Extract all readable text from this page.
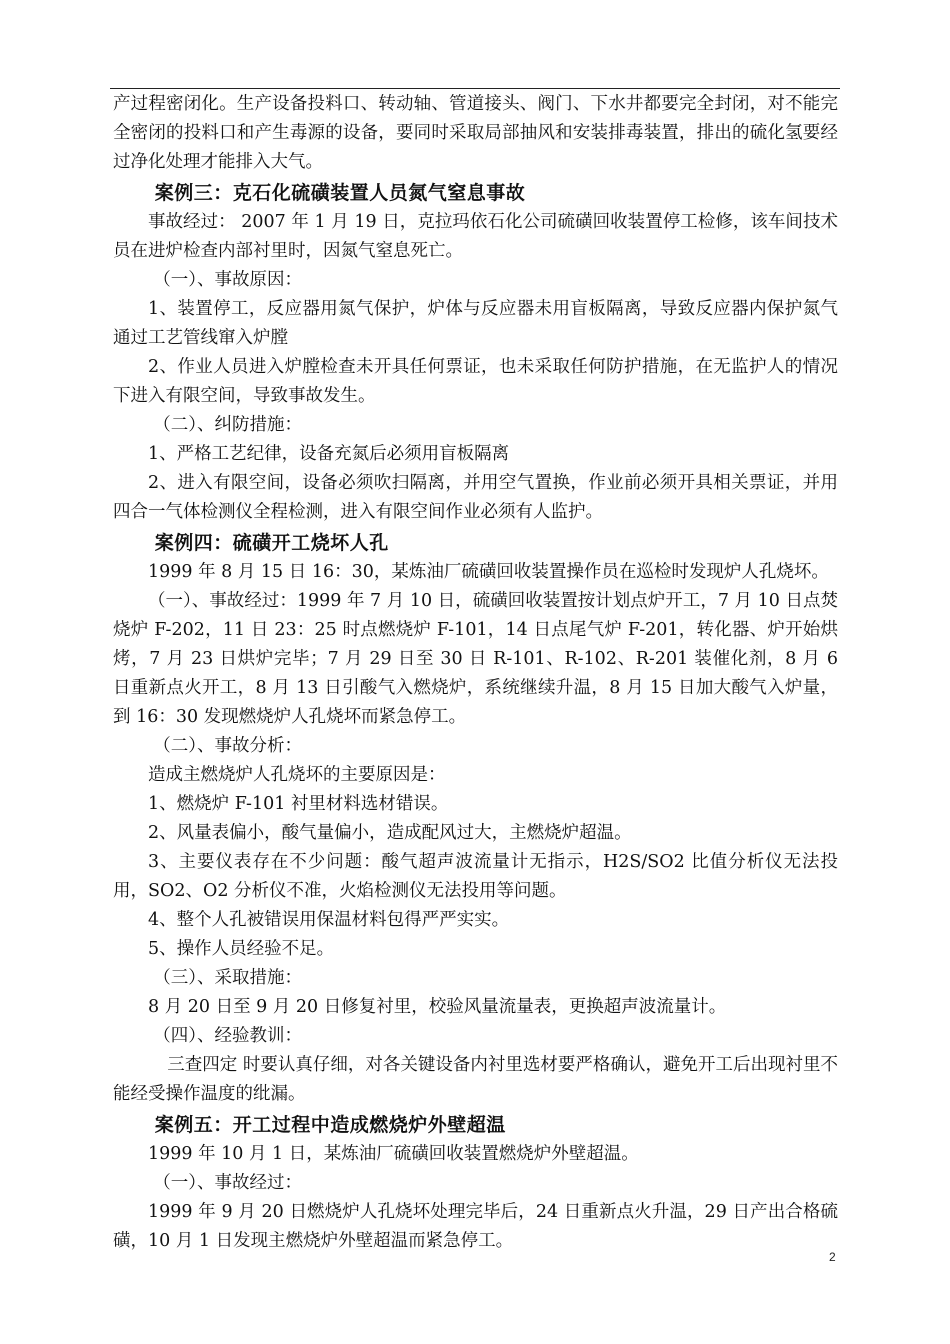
产过程密闭化。生产设备投料口、转动轴、管道接头、阀门、下水井都要完全封闭，对不能完全密闭的投料口和产生毒源的设备，要同时采取局部抽风和安装排毒装置，排出的硫化氢要经过净化处理才能排入大气。

案例三：克石化硫磺装置人员氮气窒息事故

事故经过： 2007 年 1 月 19 日，克拉玛依石化公司硫磺回收装置停工检修，该车间技术员在进炉检查内部衬里时，因氮气窒息死亡。

（一）、事故原因：

1、装置停工，反应器用氮气保护，炉体与反应器未用盲板隔离，导致反应器内保护氮气通过工艺管线窜入炉膛

2、作业人员进入炉膛检查未开具任何票证，也未采取任何防护措施，在无监护人的情况下进入有限空间，导致事故发生。

（二）、纠防措施：

1、严格工艺纪律，设备充氮后必须用盲板隔离

2、进入有限空间，设备必须吹扫隔离，并用空气置换，作业前必须开具相关票证，并用四合一气体检测仪全程检测，进入有限空间作业必须有人监护。

案例四：硫磺开工烧坏人孔

1999 年 8 月 15 日 16：30，某炼油厂硫磺回收装置操作员在巡检时发现炉人孔烧坏。

（一）、事故经过：1999 年 7 月 10 日，硫磺回收装置按计划点炉开工，7 月 10 日点焚烧炉 F-202，11 日 23：25 时点燃烧炉 F-101，14 日点尾气炉 F-201，转化器、炉开始烘烤，7 月 23 日烘炉完毕；7 月 29 日至 30 日 R-101、R-102、R-201 装催化剂，8 月 6 日重新点火开工，8 月 13 日引酸气入燃烧炉，系统继续升温，8 月 15 日加大酸气入炉量，到 16：30 发现燃烧炉人孔烧坏而紧急停工。

（二）、事故分析：

造成主燃烧炉人孔烧坏的主要原因是：

1、燃烧炉 F-101 衬里材料选材错误。

2、风量表偏小，酸气量偏小，造成配风过大，主燃烧炉超温。

3、主要仪表存在不少问题：酸气超声波流量计无指示，H2S/SO2 比值分析仪无法投用，SO2、O2 分析仪不准，火焰检测仪无法投用等问题。

4、整个人孔被错误用保温材料包得严严实实。

5、操作人员经验不足。

（三）、采取措施：

8 月 20 日至 9 月 20 日修复衬里，校验风量流量表，更换超声波流量计。

（四）、经验教训：

三查四定 时要认真仔细，对各关键设备内衬里选材要严格确认，避免开工后出现衬里不能经受操作温度的纰漏。

案例五：开工过程中造成燃烧炉外壁超温

1999 年 10 月 1 日，某炼油厂硫磺回收装置燃烧炉外壁超温。

（一）、事故经过：

1999 年 9 月 20 日燃烧炉人孔烧坏处理完毕后，24 日重新点火升温，29 日产出合格硫磺，10 月 1 日发现主燃烧炉外壁超温而紧急停工。

2
